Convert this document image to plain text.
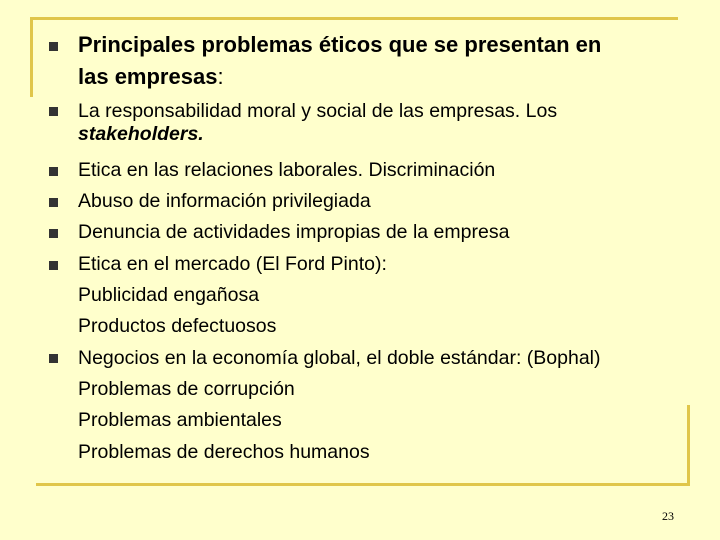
Principales problemas éticos que se presentan en
las empresas:
La responsabilidad moral y social de las empresas. Los
stakeholders.
Etica en las relaciones laborales. Discriminación
Abuso de información privilegiada
Denuncia de actividades impropias de la empresa
Etica en el mercado (El Ford Pinto):
Publicidad engañosa
Productos defectuosos
Negocios en la economía global, el doble estándar: (Bophal)
Problemas de corrupción
Problemas ambientales
Problemas de derechos humanos
23
